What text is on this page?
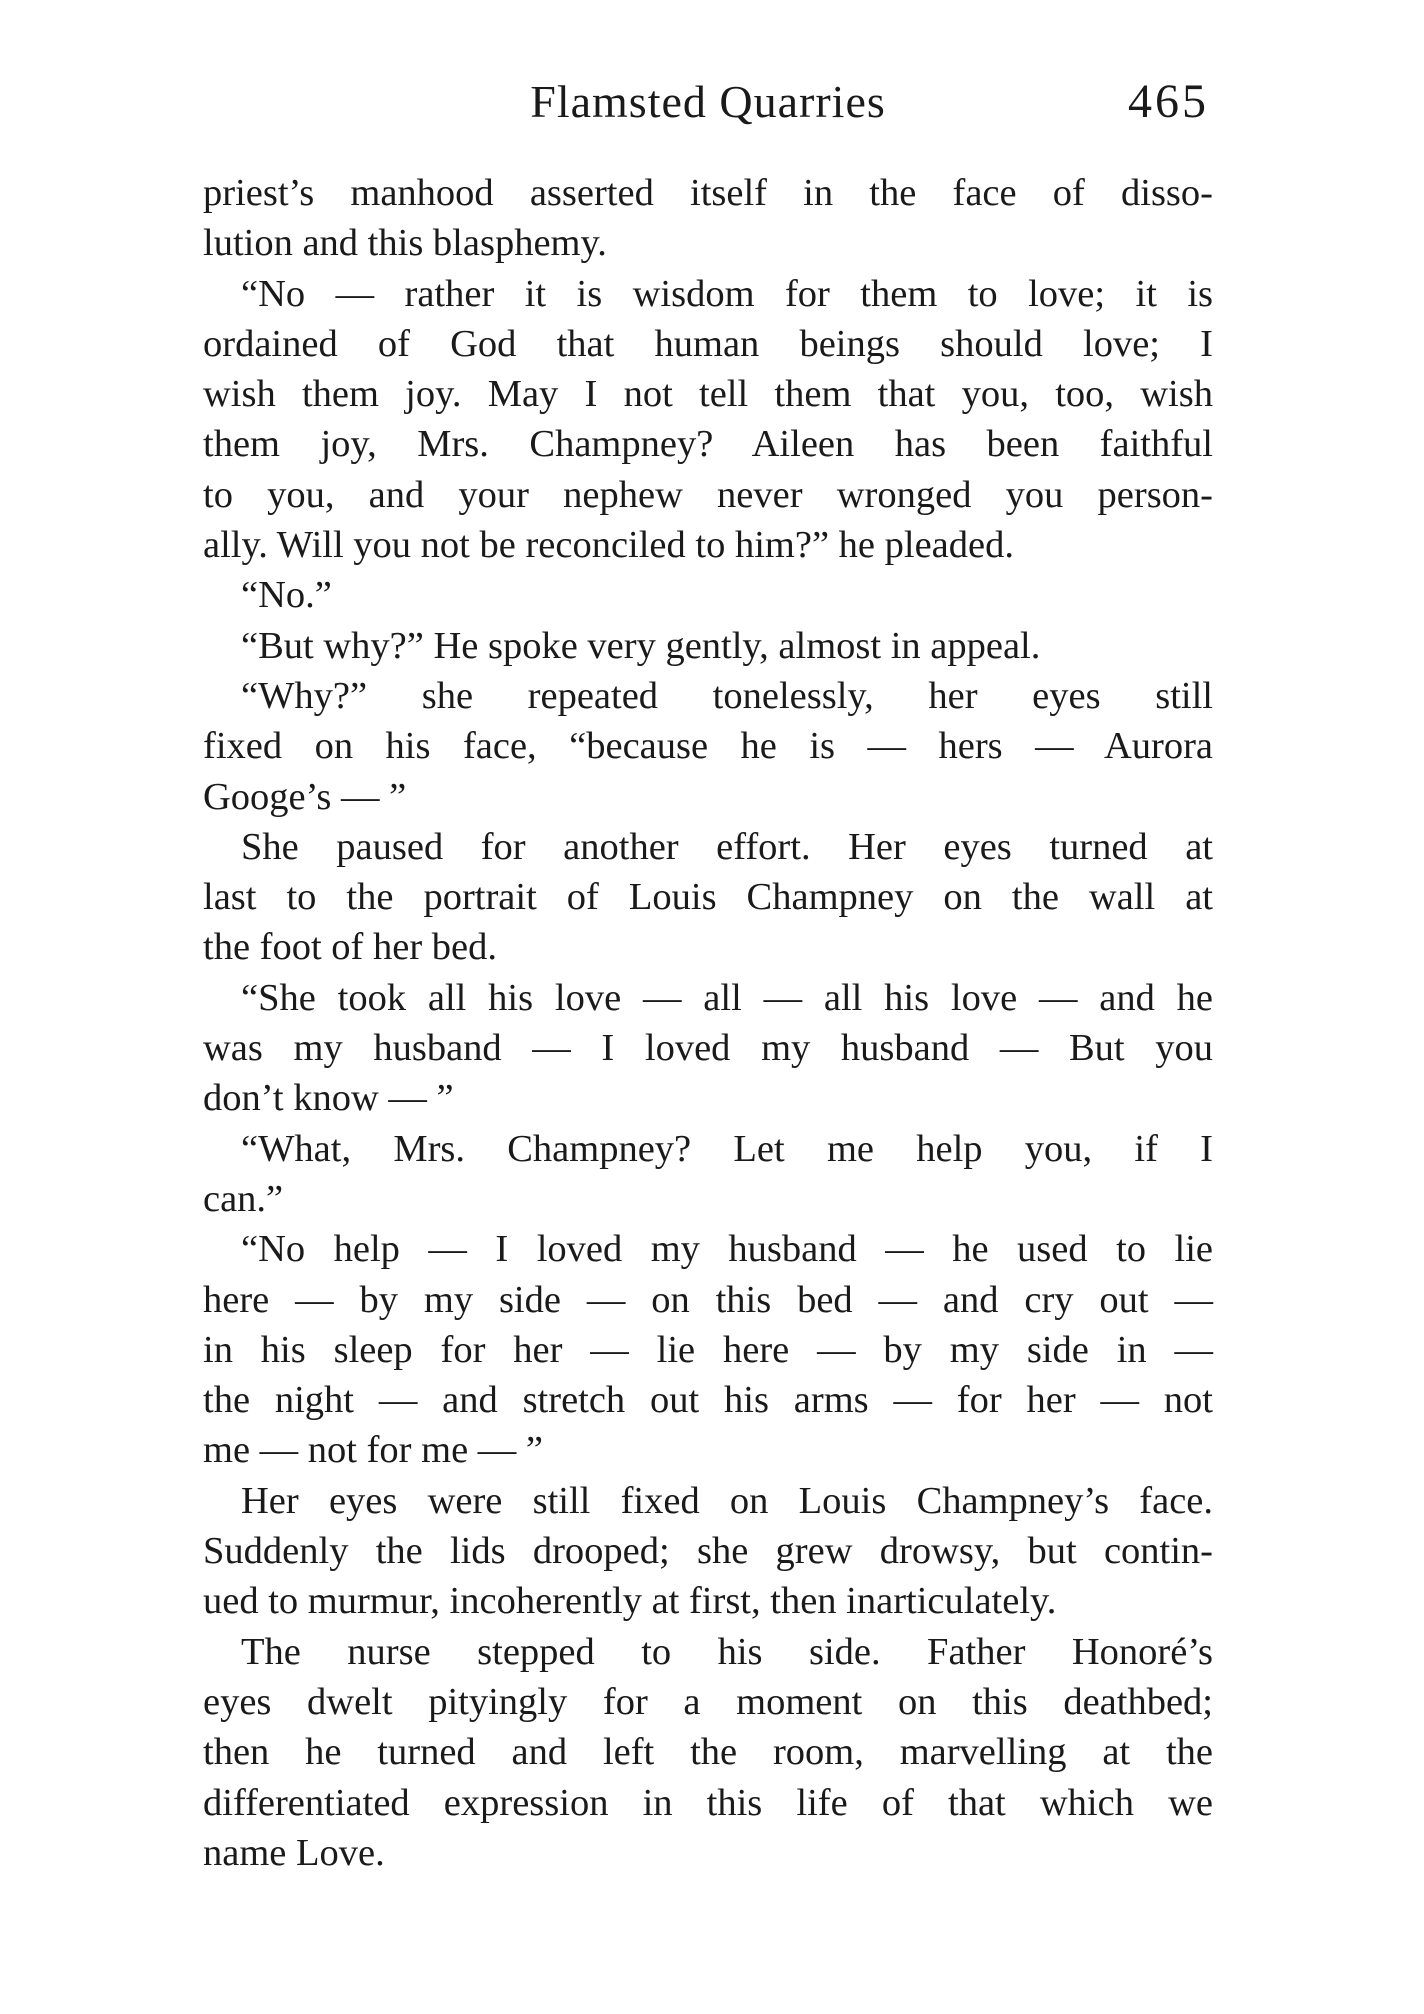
Flamsted Quarries	465

priest’s manhood asserted itself in the face of disso-
lution and this blasphemy.

“No — rather it is wisdom for them to love; it is
ordained of God that human beings should love; I
wish them joy. May I not tell them that you, too, wish
them joy, Mrs. Champney? Aileen has been faithful
to you, and your nephew never wronged you person-
ally. Will you not be reconciled to him?” he pleaded.

“No.”

“But why?” He spoke very gently, almost in appeal.

“Why?” she repeated tonelessly, her eyes still
fixed on his face, “because he is — hers — Aurora
Googe’s — ”

She paused for another effort. Her eyes turned at
last to the portrait of Louis Champney on the wall at
the foot of her bed.

“She took all his love — all — all his love — and he
was my husband — I loved my husband — But you
don’t know — ”

“What, Mrs. Champney? Let me help you, if I
can.”

“No help — I loved my husband — he used to lie
here — by my side — on this bed — and cry out —
in his sleep for her — lie here — by my side in —
the night — and stretch out his arms — for her — not
me — not for me — ”

Her eyes were still fixed on Louis Champney’s face.
Suddenly the lids drooped; she grew drowsy, but contin-
ued to murmur, incoherently at first, then inarticulately.

The nurse stepped to his side. Father Honoré’s
eyes dwelt pityingly for a moment on this deathbed;
then he turned and left the room, marvelling at the
differentiated expression in this life of that which we
name Love.
